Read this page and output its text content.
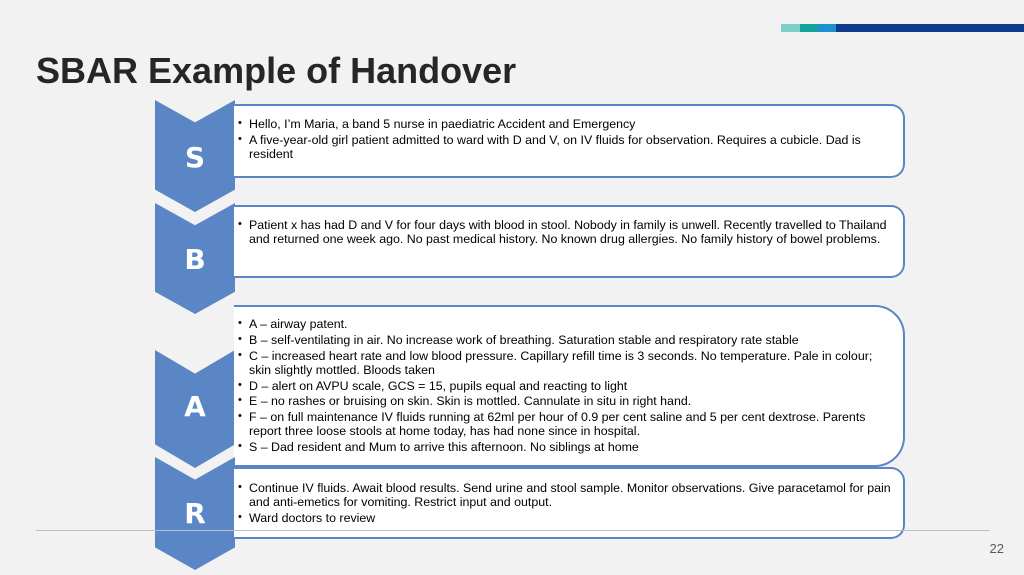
SBAR Example of Handover
S
• Hello, I’m Maria, a band 5 nurse in paediatric Accident and Emergency
• A five-year-old girl patient admitted to ward with D and V, on IV fluids for observation. Requires a cubicle. Dad is resident
B
• Patient x has had D and V for four days with blood in stool. Nobody in family is unwell. Recently travelled to Thailand and returned one week ago. No past medical history. No known drug allergies. No family history of bowel problems.
A
• A – airway patent.
• B – self-ventilating in air. No increase work of breathing. Saturation stable and respiratory rate stable
• C – increased heart rate and low blood pressure. Capillary refill time is 3 seconds. No temperature. Pale in colour; skin slightly mottled. Bloods taken
• D – alert on AVPU scale, GCS = 15, pupils equal and reacting to light
• E – no rashes or bruising on skin. Skin is mottled. Cannulate in situ in right hand.
• F – on full maintenance IV fluids running at 62ml per hour of 0.9 per cent saline and 5 per cent dextrose. Parents report three loose stools at home today, has had none since in hospital.
• S – Dad resident and Mum to arrive this afternoon. No siblings at home
R
• Continue IV fluids. Await blood results. Send urine and stool sample. Monitor observations. Give paracetamol for pain and anti-emetics for vomiting. Restrict input and output.
• Ward doctors to review
22
